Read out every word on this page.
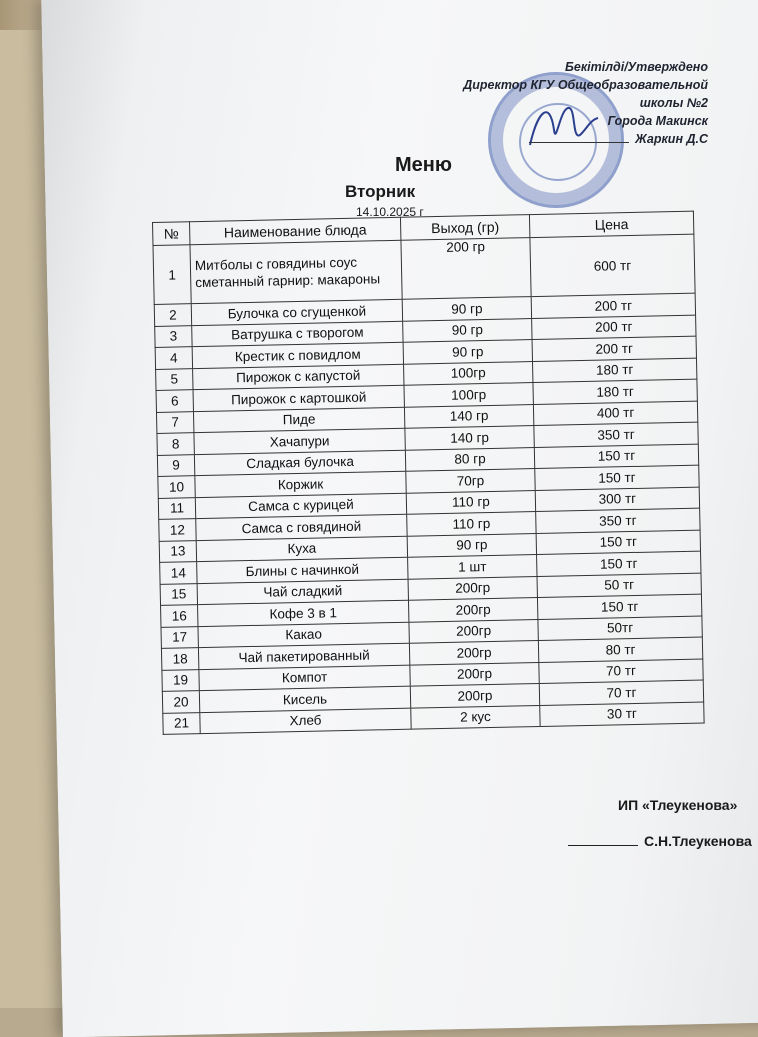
Бекітілді/Утверждено
Директор КГУ Общеобразовательной
школы №2
Города Макинск
Жаркин Д.С
Меню
Вторник
14.10.2025 г
№	Наименование блюда	Выход (гр)	Цена
1	Митболы с говядины соус сметанный гарнир: макароны	200 гр	600 тг
2	Булочка со сгущенкой	90 гр	200 тг
3	Ватрушка с творогом	90 гр	200 тг
4	Крестик с повидлом	90 гр	200 тг
5	Пирожок с капустой	100гр	180 тг
6	Пирожок с картошкой	100гр	180 тг
7	Пиде	140 гр	400 тг
8	Хачапури	140 гр	350 тг
9	Сладкая булочка	80 гр	150 тг
10	Коржик	70гр	150 тг
11	Самса с курицей	110 гр	300 тг
12	Самса с говядиной	110 гр	350 тг
13	Куха	90 гр	150 тг
14	Блины с начинкой	1 шт	150 тг
15	Чай сладкий	200гр	50 тг
16	Кофе 3 в 1	200гр	150 тг
17	Какао	200гр	50тг
18	Чай пакетированный	200гр	80 тг
19	Компот	200гр	70 тг
20	Кисель	200гр	70 тг
21	Хлеб	2 кус	30 тг
ИП «Тлеукенова»
С.Н.Тлеукенова
